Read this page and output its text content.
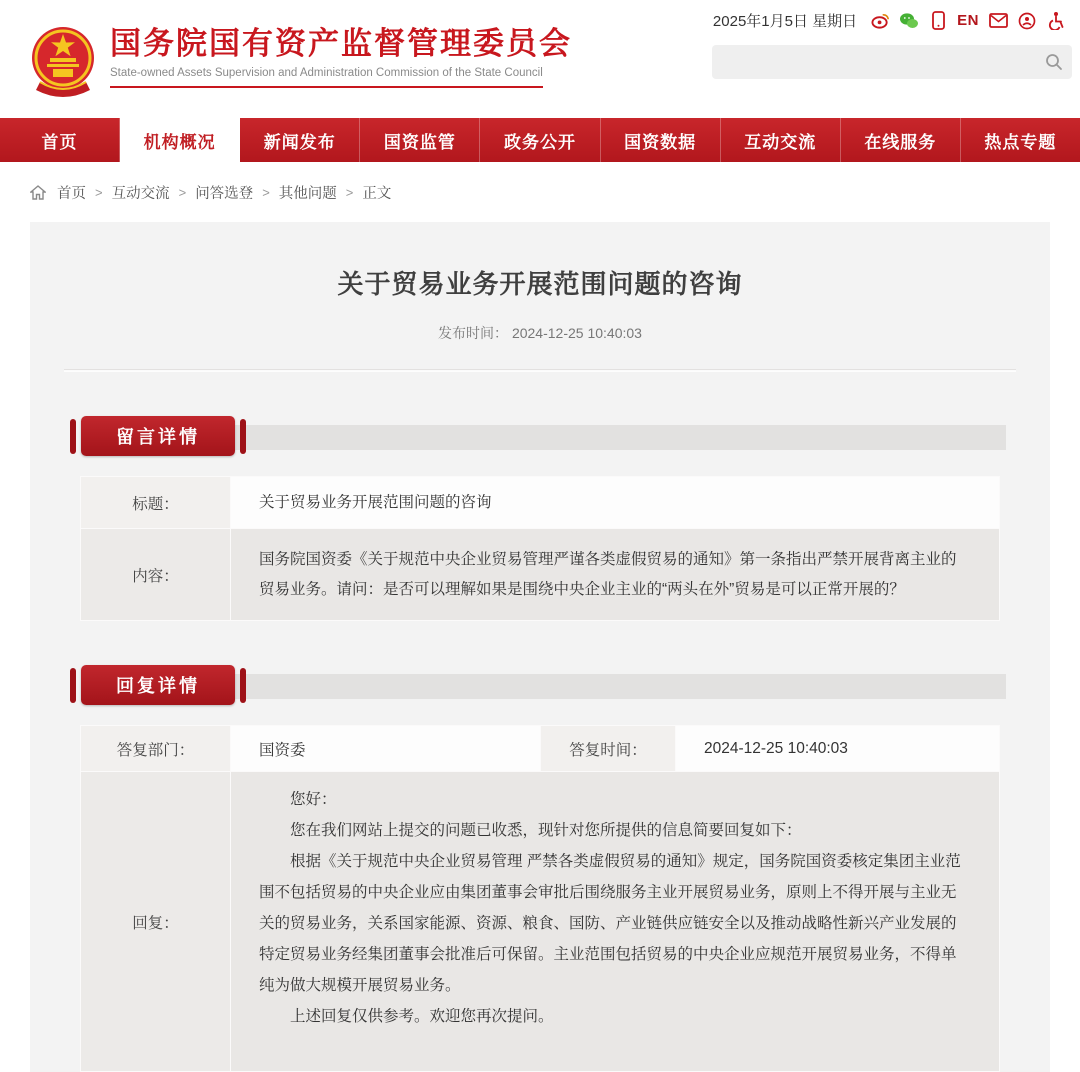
2025年1月5日 星期日	EN
国务院国有资产监督管理委员会
State-owned Assets Supervision and Administration Commission of the State Council
首页	机构概况	新闻发布	国资监管	政务公开	国资数据	互动交流	在线服务	热点专题
首页 > 互动交流 > 问答选登 > 其他问题 > 正文
关于贸易业务开展范围问题的咨询
发布时间： 2024-12-25 10:40:03
留言详情
标题：	关于贸易业务开展范围问题的咨询
内容：	国务院国资委《关于规范中央企业贸易管理严谨各类虚假贸易的通知》第一条指出严禁开展背离主业的贸易业务。请问：是否可以理解如果是围绕中央企业主业的“两头在外”贸易是可以正常开展的？
回复详情
答复部门：	国资委	答复时间：	2024-12-25 10:40:03
回复：	您好：

您在我们网站上提交的问题已收悉，现针对您所提供的信息简要回复如下：

根据《关于规范中央企业贸易管理 严禁各类虚假贸易的通知》规定，国务院国资委核定集团主业范围不包括贸易的中央企业应由集团董事会审批后围绕服务主业开展贸易业务，原则上不得开展与主业无关的贸易业务，关系国家能源、资源、粮食、国防、产业链供应链安全以及推动战略性新兴产业发展的特定贸易业务经集团董事会批准后可保留。主业范围包括贸易的中央企业应规范开展贸易业务，不得单纯为做大规模开展贸易业务。

上述回复仅供参考。欢迎您再次提问。		
